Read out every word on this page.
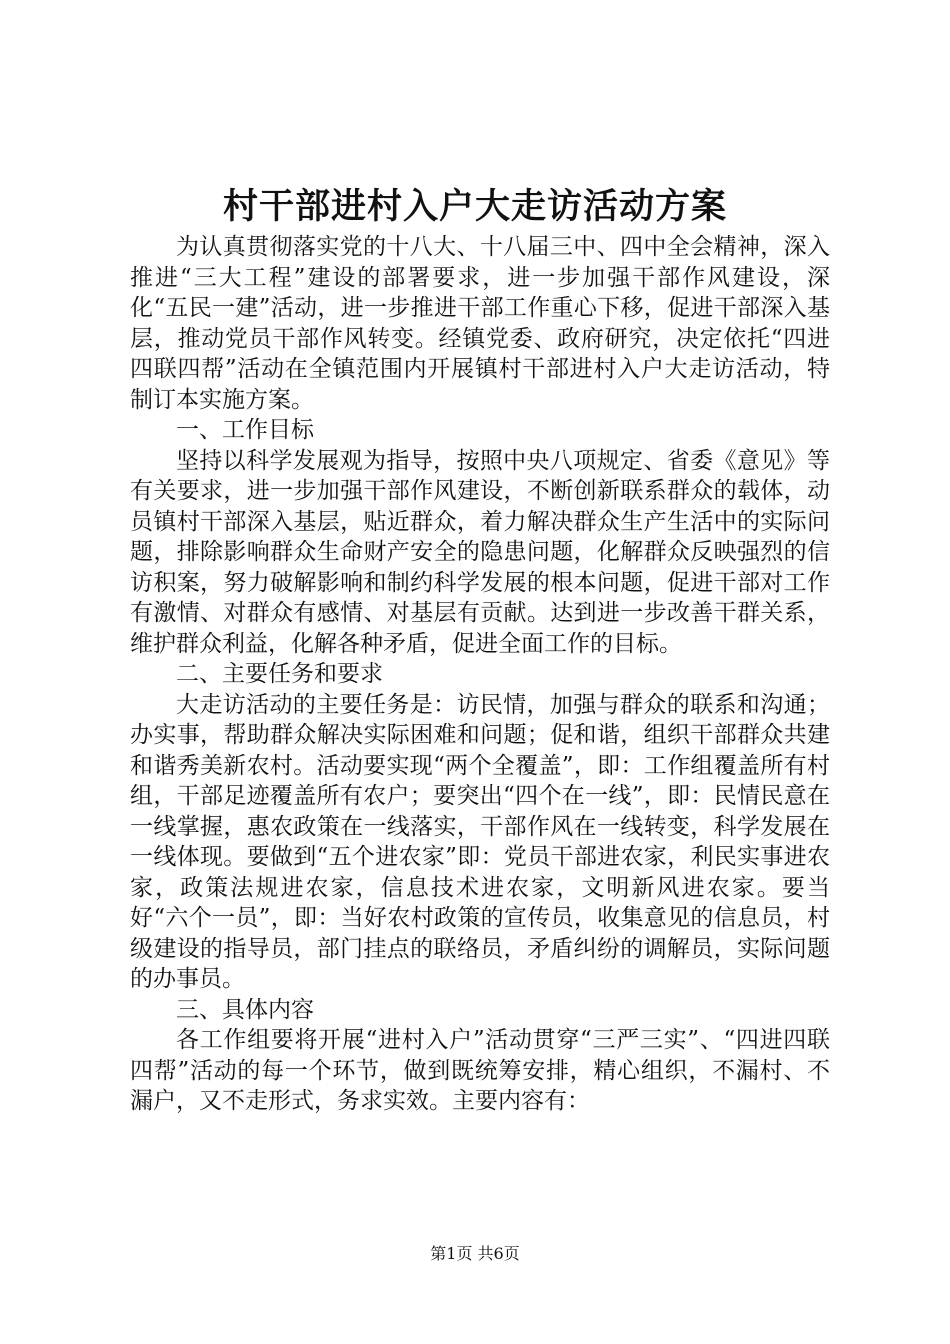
村干部进村入户大走访活动方案

为认真贯彻落实党的十八大、十八届三中、四中全会精神，深入推进“三大工程”建设的部署要求，进一步加强干部作风建设，深化“五民一建”活动，进一步推进干部工作重心下移，促进干部深入基层，推动党员干部作风转变。经镇党委、政府研究，决定依托“四进四联四帮”活动在全镇范围内开展镇村干部进村入户大走访活动，特制订本实施方案。

一、工作目标

坚持以科学发展观为指导，按照中央八项规定、省委《意见》等有关要求，进一步加强干部作风建设，不断创新联系群众的载体，动员镇村干部深入基层，贴近群众，着力解决群众生产生活中的实际问题，排除影响群众生命财产安全的隐患问题，化解群众反映强烈的信访积案，努力破解影响和制约科学发展的根本问题，促进干部对工作有激情、对群众有感情、对基层有贡献。达到进一步改善干群关系，维护群众利益，化解各种矛盾，促进全面工作的目标。

二、主要任务和要求

大走访活动的主要任务是：访民情，加强与群众的联系和沟通；办实事，帮助群众解决实际困难和问题；促和谐，组织干部群众共建和谐秀美新农村。活动要实现“两个全覆盖”，即：工作组覆盖所有村组，干部足迹覆盖所有农户；要突出“四个在一线”，即：民情民意在一线掌握，惠农政策在一线落实，干部作风在一线转变，科学发展在一线体现。要做到“五个进农家”即：党员干部进农家，利民实事进农家，政策法规进农家，信息技术进农家，文明新风进农家。要当好“六个一员”，即：当好农村政策的宣传员，收集意见的信息员，村级建设的指导员，部门挂点的联络员，矛盾纠纷的调解员，实际问题的办事员。

三、具体内容

各工作组要将开展“进村入户”活动贯穿“三严三实”、“四进四联四帮”活动的每一个环节，做到既统筹安排，精心组织，不漏村、不漏户，又不走形式，务求实效。主要内容有：

第1页 共6页
